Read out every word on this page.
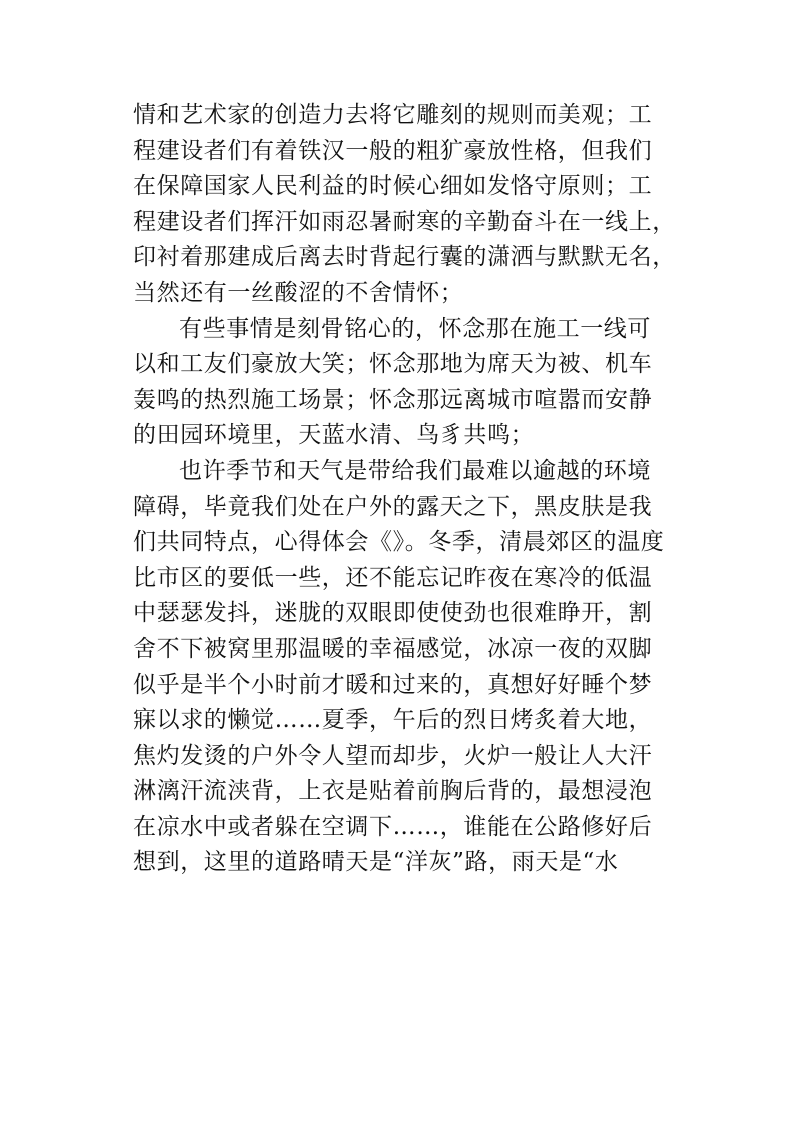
情和艺术家的创造力去将它雕刻的规则而美观；工
程建设者们有着铁汉一般的粗犷豪放性格，但我们
在保障国家人民利益的时候心细如发恪守原则；工
程建设者们挥汗如雨忍暑耐寒的辛勤奋斗在一线上，
印衬着那建成后离去时背起行囊的潇洒与默默无名，
当然还有一丝酸涩的不舍情怀；
有些事情是刻骨铭心的，怀念那在施工一线可
以和工友们豪放大笑；怀念那地为席天为被、机车
轰鸣的热烈施工场景；怀念那远离城市喧嚣而安静
的田园环境里，天蓝水清、鸟豸共鸣；
也许季节和天气是带给我们最难以逾越的环境
障碍，毕竟我们处在户外的露天之下，黑皮肤是我
们共同特点，心得体会《》。冬季，清晨郊区的温度
比市区的要低一些，还不能忘记昨夜在寒冷的低温
中瑟瑟发抖，迷胧的双眼即使使劲也很难睁开，割
舍不下被窝里那温暖的幸福感觉，冰凉一夜的双脚
似乎是半个小时前才暖和过来的，真想好好睡个梦
寐以求的懒觉……夏季，午后的烈日烤炙着大地，
焦灼发烫的户外令人望而却步，火炉一般让人大汗
淋漓汗流浃背，上衣是贴着前胸后背的，最想浸泡
在凉水中或者躲在空调下……，谁能在公路修好后
想到，这里的道路晴天是“洋灰”路，雨天是“水
